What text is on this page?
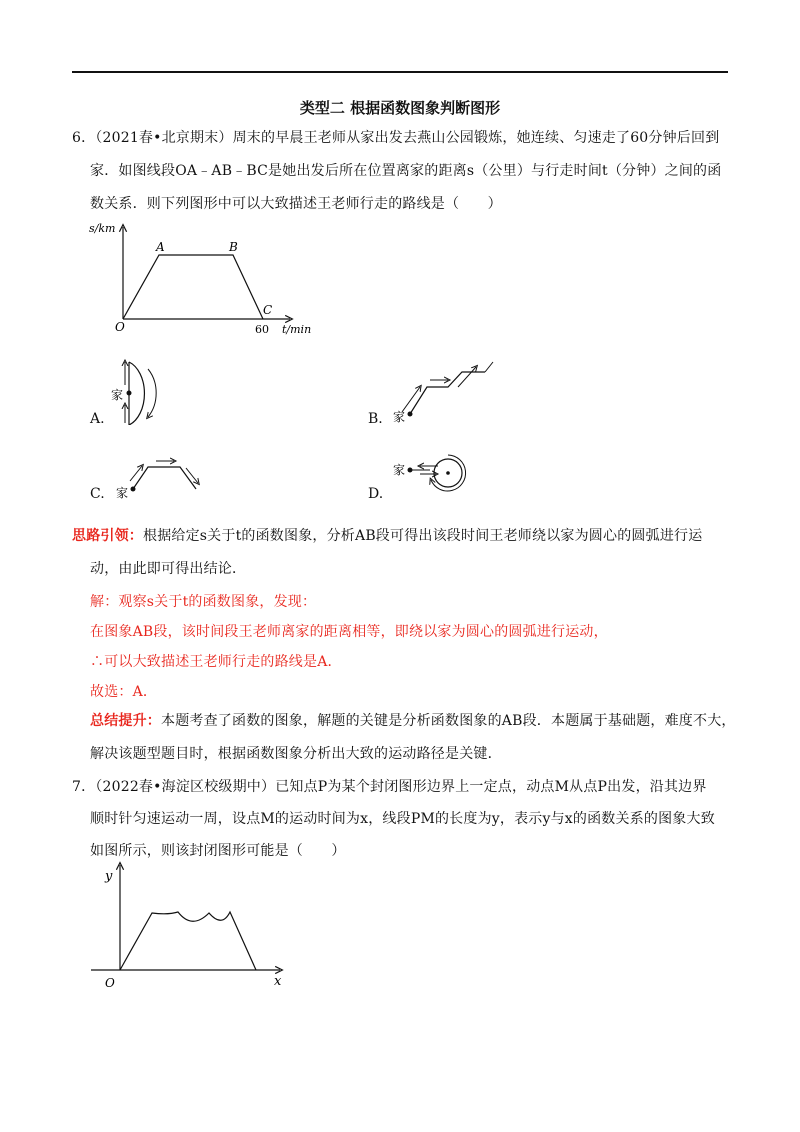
类型二 根据函数图象判断图形
6．（2021春•北京期末）周末的早晨王老师从家出发去燕山公园锻炼，她连续、匀速走了60分钟后回到
家．如图线段OA﹣AB﹣BC是她出发后所在位置离家的距离s（公里）与行走时间t（分钟）之间的函
数关系．则下列图形中可以大致描述王老师行走的路线是（　　）
s/km
t/min
O
A	B
C
60
家
A.	家
B.
家
C.
家
D.
思路引领：根据给定s关于t的函数图象，分析AB段可得出该段时间王老师绕以家为圆心的圆弧进行运
动，由此即可得出结论．
解：观察s关于t的函数图象，发现：
在图象AB段，该时间段王老师离家的距离相等，即绕以家为圆心的圆弧进行运动，
∴可以大致描述王老师行走的路线是A．
故选：A．
总结提升：本题考查了函数的图象，解题的关键是分析函数图象的AB段．本题属于基础题，难度不大，
解决该题型题目时，根据函数图象分析出大致的运动路径是关键．
7．（2022春•海淀区校级期中）已知点P为某个封闭图形边界上一定点，动点M从点P出发，沿其边界
顺时针匀速运动一周，设点M的运动时间为x，线段PM的长度为y，表示y与x的函数关系的图象大致
如图所示，则该封闭图形可能是（　　）
y
x
O
